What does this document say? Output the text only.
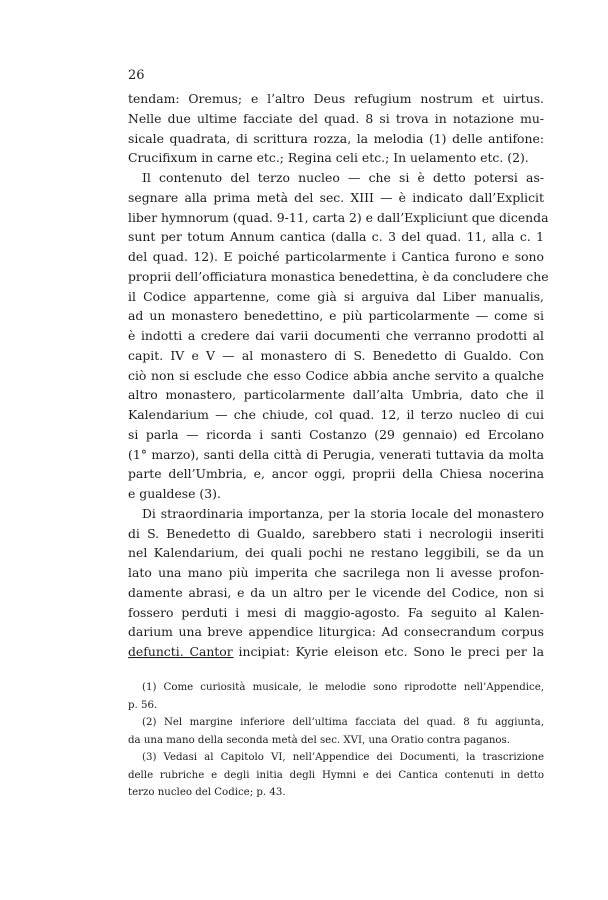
26

tendam: Oremus; e l’altro Deus refugium nostrum et uirtus.
Nelle due ultime facciate del quad. 8 si trova in notazione mu-
sicale quadrata, di scrittura rozza, la melodia (1) delle antifone:
Crucifixum in carne etc.; Regina celi etc.; In uelamento etc. (2).

Il contenuto del terzo nucleo — che si è detto potersi as-
segnare alla prima metà del sec. XIII — è indicato dall’Explicit
liber hymnorum (quad. 9-11, carta 2) e dall’Expliciunt que dicenda
sunt per totum Annum cantica (dalla c. 3 del quad. 11, alla c. 1
del quad. 12). E poiché particolarmente i Cantica furono e sono
proprii dell’officiatura monastica benedettina, è da concludere che
il Codice appartenne, come già si arguiva dal Liber manualis,
ad un monastero benedettino, e più particolarmente — come si
è indotti a credere dai varii documenti che verranno prodotti al
capit. IV e V — al monastero di S. Benedetto di Gualdo. Con
ciò non si esclude che esso Codice abbia anche servito a qualche
altro monastero, particolarmente dall’alta Umbria, dato che il
Kalendarium — che chiude, col quad. 12, il terzo nucleo di cui
si parla — ricorda i santi Costanzo (29 gennaio) ed Ercolano
(1° marzo), santi della città di Perugia, venerati tuttavia da molta
parte dell’Umbria, e, ancor oggi, proprii della Chiesa nocerina
e gualdese (3).

Di straordinaria importanza, per la storia locale del monastero
di S. Benedetto di Gualdo, sarebbero stati i necrologii inseriti
nel Kalendarium, dei quali pochi ne restano leggibili, se da un
lato una mano più imperita che sacrilega non li avesse profon-
damente abrasi, e da un altro per le vicende del Codice, non si
fossero perduti i mesi di maggio-agosto. Fa seguito al Kalen-
darium una breve appendice liturgica: Ad consecrandum corpus
defuncti. Cantor incipiat: Kyrie eleison etc. Sono le preci per la

(1) Come curiosità musicale, le melodie sono riprodotte nell’Appendice,
p. 56.

(2) Nel margine inferiore dell’ultima facciata del quad. 8 fu aggiunta,
da una mano della seconda metà del sec. XVI, una Oratio contra paganos.

(3) Vedasi al Capitolo VI, nell’Appendice dei Documenti, la trascrizione
delle rubriche e degli initia degli Hymni e dei Cantica contenuti in detto
terzo nucleo del Codice; p. 43.
